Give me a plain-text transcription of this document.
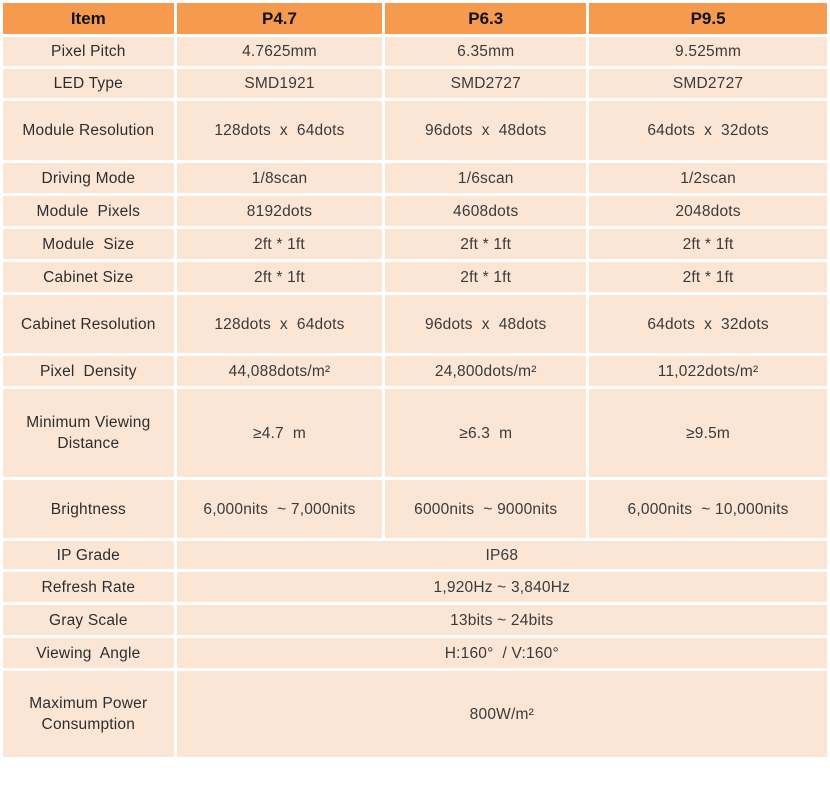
Item	P4.7	P6.3	P9.5
Pixel Pitch	4.7625mm	6.35mm	9.525mm
LED Type	SMD1921	SMD2727	SMD2727
Module Resolution	128dots  x  64dots	96dots  x  48dots	64dots  x  32dots
Driving Mode	1/8scan	1/6scan	1/2scan
Module  Pixels	8192dots	4608dots	2048dots
Module  Size	2ft * 1ft	2ft * 1ft	2ft * 1ft
Cabinet Size	2ft * 1ft	2ft * 1ft	2ft * 1ft
Cabinet Resolution	128dots  x  64dots	96dots  x  48dots	64dots  x  32dots
Pixel  Density	44,088dots/m²	24,800dots/m²	11,022dots/m²
Minimum Viewing Distance	≥4.7  m	≥6.3  m	≥9.5m
Brightness	6,000nits  ~ 7,000nits	6000nits  ~ 9000nits	6,000nits  ~ 10,000nits
IP Grade	IP68		
Refresh Rate	1,920Hz ~ 3,840Hz		
Gray Scale	13bits ~ 24bits		
Viewing  Angle	H:160°  / V:160°		
Maximum Power Consumption	800W/m²		
